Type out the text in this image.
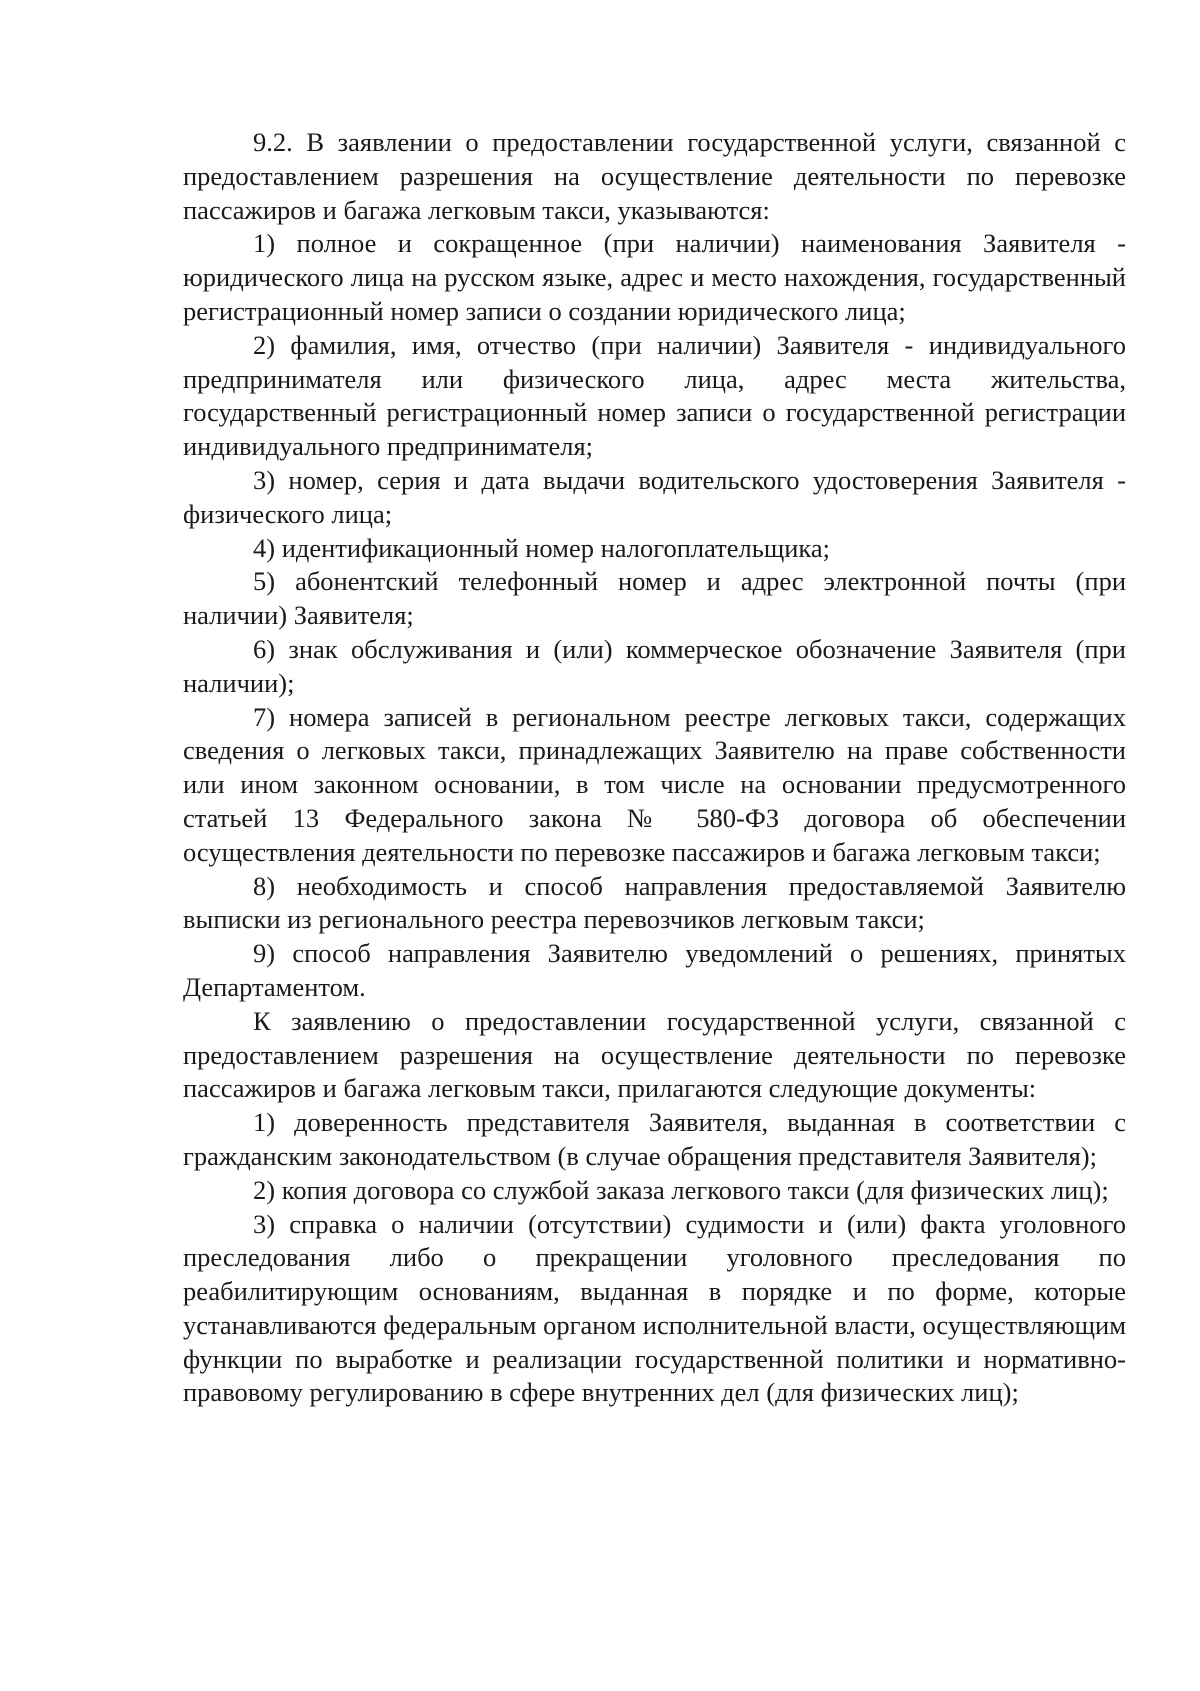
9.2. В заявлении о предоставлении государственной услуги, связанной с предоставлением разрешения на осуществление деятельности по перевозке пассажиров и багажа легковым такси, указываются:

1) полное и сокращенное (при наличии) наименования Заявителя - юридического лица на русском языке, адрес и место нахождения, государственный регистрационный номер записи о создании юридического лица;

2) фамилия, имя, отчество (при наличии) Заявителя - индивидуального предпринимателя или физического лица, адрес места жительства, государственный регистрационный номер записи о государственной регистрации индивидуального предпринимателя;

3) номер, серия и дата выдачи водительского удостоверения Заявителя - физического лица;

4) идентификационный номер налогоплательщика;

5) абонентский телефонный номер и адрес электронной почты (при наличии) Заявителя;

6) знак обслуживания и (или) коммерческое обозначение Заявителя (при наличии);

7) номера записей в региональном реестре легковых такси, содержащих сведения о легковых такси, принадлежащих Заявителю на праве собственности или ином законном основании, в том числе на основании предусмотренного статьей 13 Федерального закона № 580-ФЗ договора об обеспечении осуществления деятельности по перевозке пассажиров и багажа легковым такси;

8) необходимость и способ направления предоставляемой Заявителю выписки из регионального реестра перевозчиков легковым такси;

9) способ направления Заявителю уведомлений о решениях, принятых Департаментом.

К заявлению о предоставлении государственной услуги, связанной с предоставлением разрешения на осуществление деятельности по перевозке пассажиров и багажа легковым такси, прилагаются следующие документы:

1) доверенность представителя Заявителя, выданная в соответствии с гражданским законодательством (в случае обращения представителя Заявителя);

2) копия договора со службой заказа легкового такси (для физических лиц);

3) справка о наличии (отсутствии) судимости и (или) факта уголовного преследования либо о прекращении уголовного преследования по реабилитирующим основаниям, выданная в порядке и по форме, которые устанавливаются федеральным органом исполнительной власти, осуществляющим функции по выработке и реализации государственной политики и нормативно-правовому регулированию в сфере внутренних дел (для физических лиц);
